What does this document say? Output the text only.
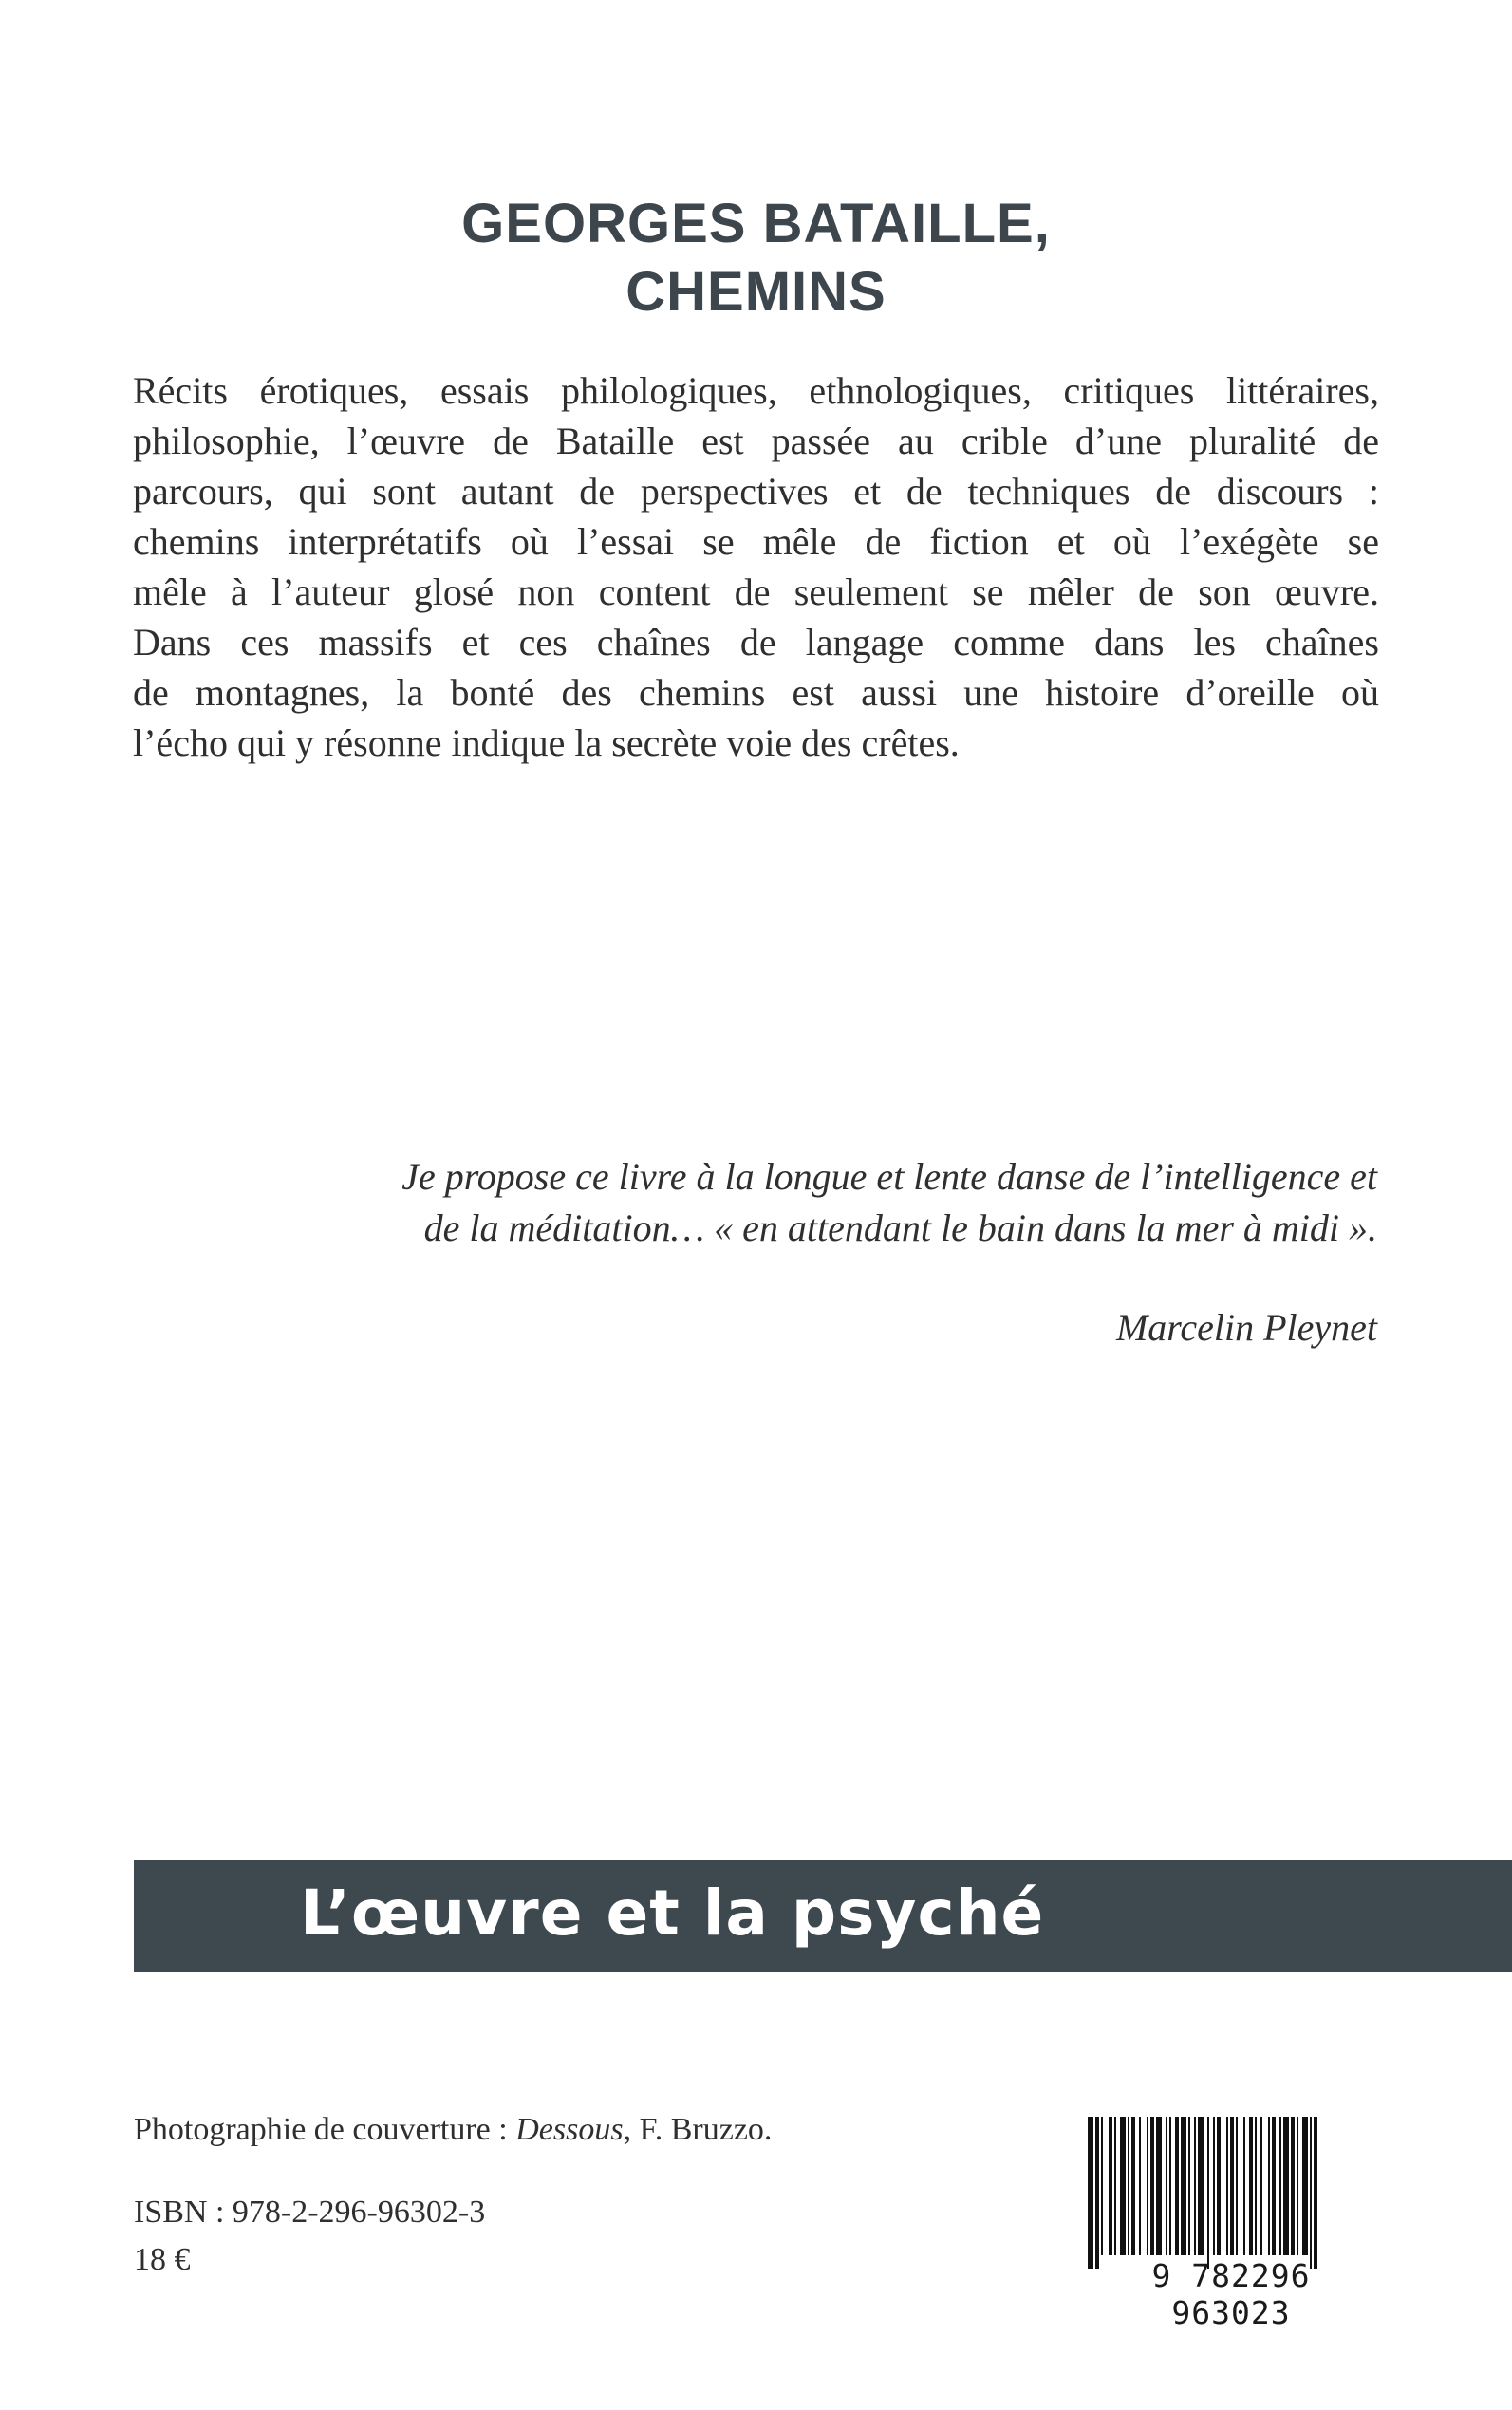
GEORGES BATAILLE,
CHEMINS
Récits érotiques, essais philologiques, ethnologiques, critiques littéraires,
philosophie, l’œuvre de Bataille est passée au crible d’une pluralité de
parcours, qui sont autant de perspectives et de techniques de discours :
chemins interprétatifs où l’essai se mêle de fiction et où l’exégète se
mêle à l’auteur glosé non content de seulement se mêler de son œuvre.
Dans ces massifs et ces chaînes de langage comme dans les chaînes
de montagnes, la bonté des chemins est aussi une histoire d’oreille où
l’écho qui y résonne indique la secrète voie des crêtes.
Je propose ce livre à la longue et lente danse de l’intelligence et
de la méditation… « en attendant le bain dans la mer à midi ».
Marcelin Pleynet
L’œuvre et la psyché
Photographie de couverture : Dessous, F. Bruzzo.
ISBN : 978-2-296-96302-3
18 €	9 782296 963023
